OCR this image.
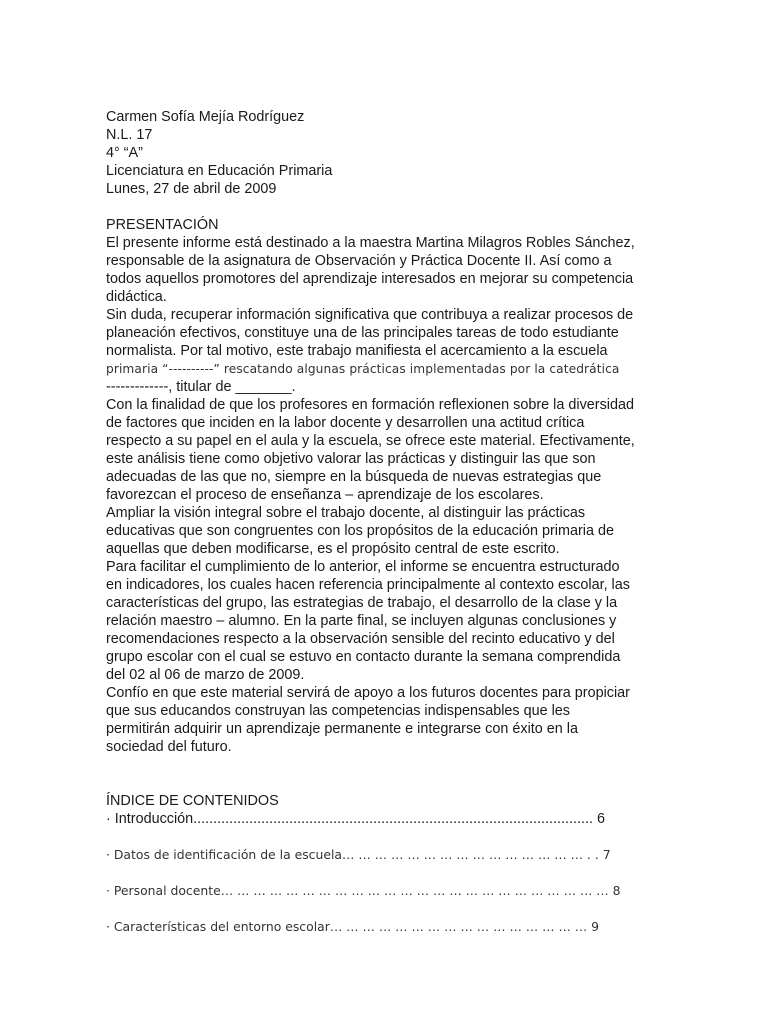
Carmen Sofía Mejía Rodríguez
N.L. 17
4° “A”
Licenciatura en Educación Primaria
Lunes, 27 de abril de 2009
PRESENTACIÓN
El presente informe está destinado a la maestra Martina Milagros Robles Sánchez,
responsable de la asignatura de Observación y Práctica Docente II. Así como a
todos aquellos promotores del aprendizaje interesados en mejorar su competencia
didáctica.
Sin duda, recuperar información significativa que contribuya a realizar procesos de
planeación efectivos, constituye una de las principales tareas de todo estudiante
normalista. Por tal motivo, este trabajo manifiesta el acercamiento a la escuela
primaria “----------” rescatando algunas prácticas implementadas por la catedrática
-------------, titular de _______.
Con la finalidad de que los profesores en formación reflexionen sobre la diversidad
de factores que inciden en la labor docente y desarrollen una actitud crítica
respecto a su papel en el aula y la escuela, se ofrece este material. Efectivamente,
este análisis tiene como objetivo valorar las prácticas y distinguir las que son
adecuadas de las que no, siempre en la búsqueda de nuevas estrategias que
favorezcan el proceso de enseñanza – aprendizaje de los escolares.
Ampliar la visión integral sobre el trabajo docente, al distinguir las prácticas
educativas que son congruentes con los propósitos de la educación primaria de
aquellas que deben modificarse, es el propósito central de este escrito.
Para facilitar el cumplimiento de lo anterior, el informe se encuentra estructurado
en indicadores, los cuales hacen referencia principalmente al contexto escolar, las
características del grupo, las estrategias de trabajo, el desarrollo de la clase y la
relación maestro – alumno. En la parte final, se incluyen algunas conclusiones y
recomendaciones respecto a la observación sensible del recinto educativo y del
grupo escolar con el cual se estuvo en contacto durante la semana comprendida
del 02 al 06 de marzo de 2009.
Confío en que este material servirá de apoyo a los futuros docentes para propiciar
que sus educandos construyan las competencias indispensables que les
permitirán adquirir un aprendizaje permanente e integrarse con éxito en la
sociedad del futuro.
ÍNDICE DE CONTENIDOS
· Introducción.................................................................................................... 6
· Datos de identificación de la escuela… … … … … … … … … … … … … … … . . 7
· Personal docente… … … … … … … … … … … … … … … … … … … … … … … … 8
· Características del entorno escolar… … … … … … … … … … … … … … … … 9
